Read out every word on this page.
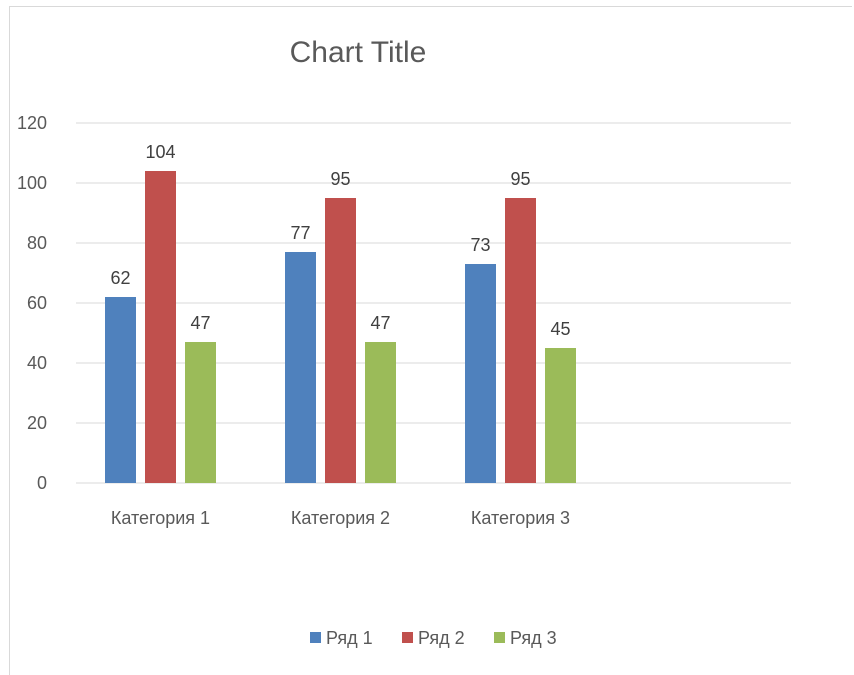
Chart Title
0
20
40
60
80
100
120
62
104
47
77
95
47
73
95
45
Категория 1	Категория 2	Категория 3
Ряд 1	Ряд 2	Ряд 3
